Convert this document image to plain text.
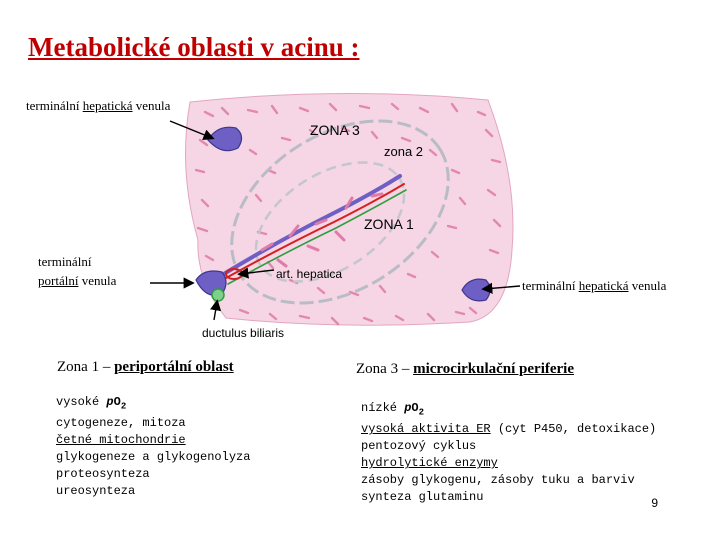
Metabolické oblasti v acinu :
terminální hepatická venula
ZONA 3
zona 2
ZONA 1
terminální
portální venula	art. hepatica
terminální hepatická venula
ductulus biliaris
Zona 1 – periportální oblast
vysoké $pO_2$
cytogeneze, mitoza
četné mitochondrie
glykogeneze a glykogenolyza
proteosynteza
ureosynteza
Zona 3 – microcirkulační periferie
nízké $pO_2$
vysoká aktivita ER (cyt P450, detoxikace)
pentozový cyklus
hydrolytické enzymy
zásoby glykogenu, zásoby tuku a barviv
synteza glutaminu	9
